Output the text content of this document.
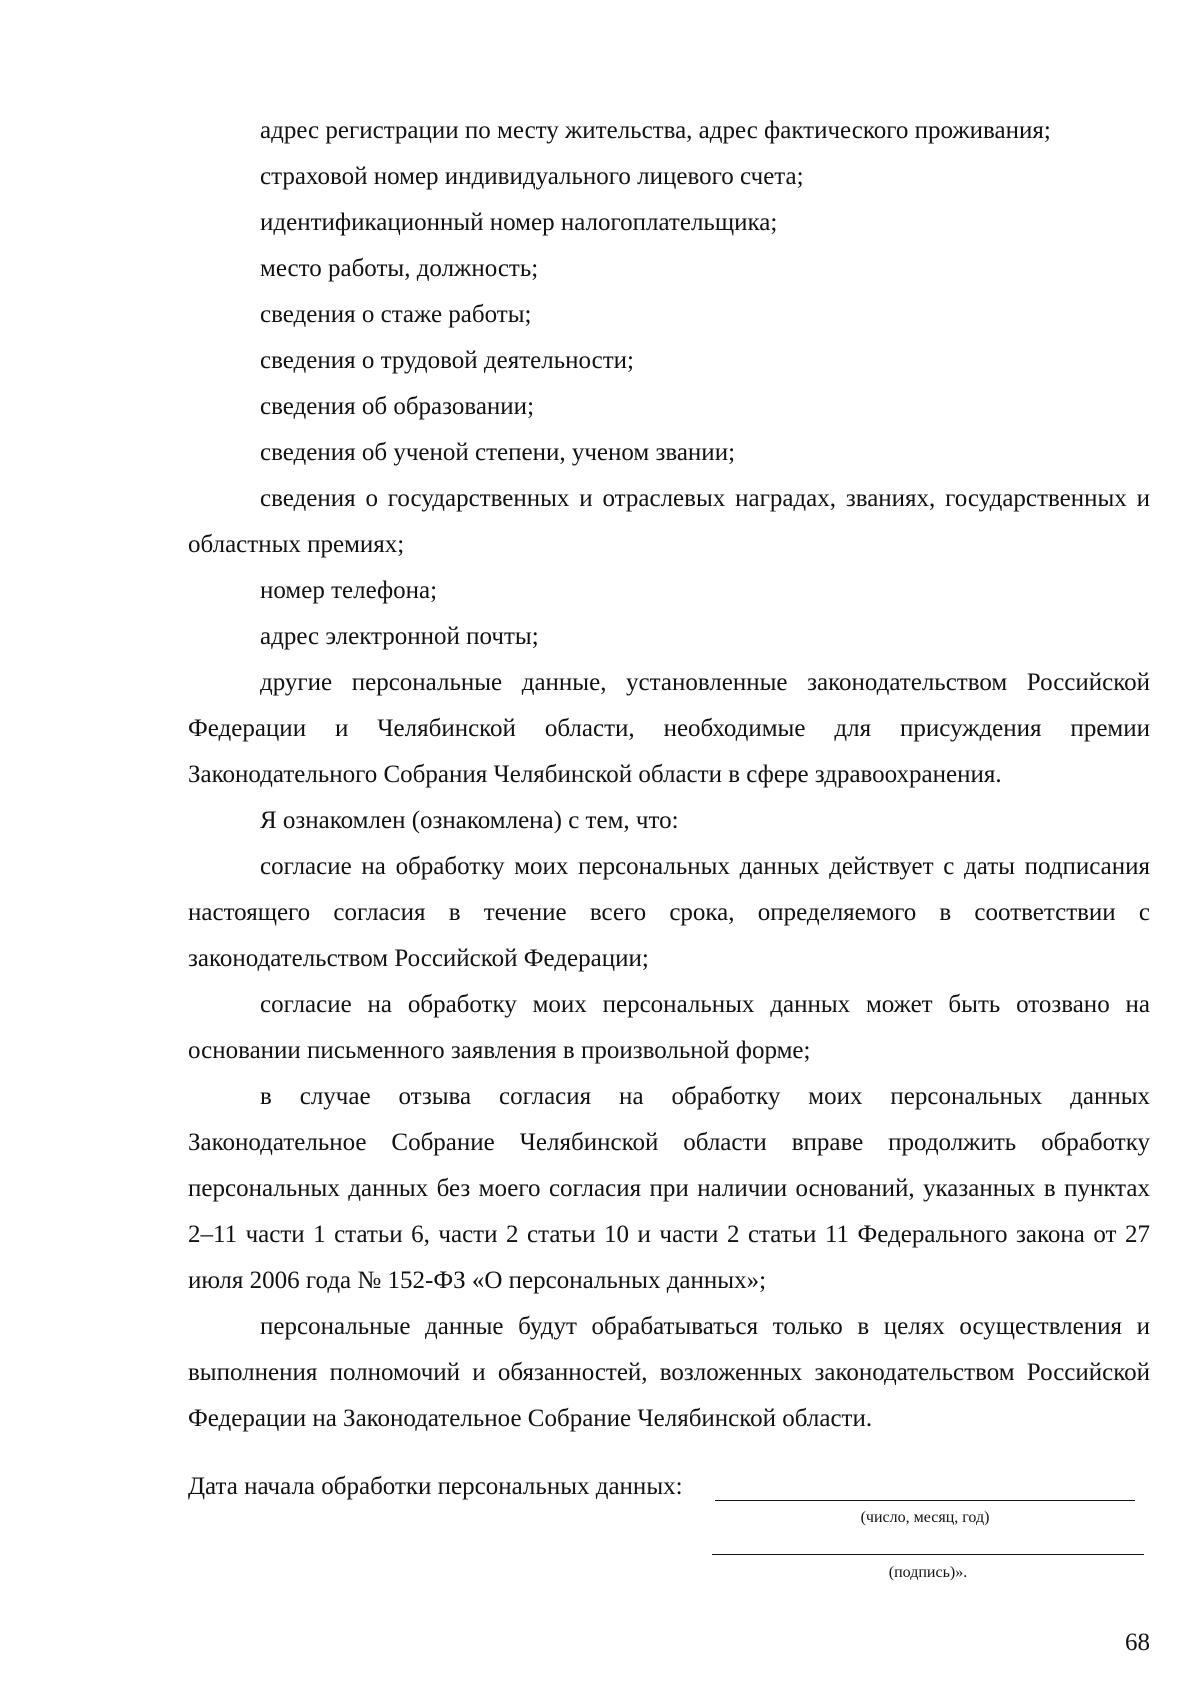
адрес регистрации по месту жительства, адрес фактического проживания;

страховой номер индивидуального лицевого счета;

идентификационный номер налогоплательщика;

место работы, должность;

сведения о стаже работы;

сведения о трудовой деятельности;

сведения об образовании;

сведения об ученой степени, ученом звании;

сведения о государственных и отраслевых наградах, званиях, государственных и областных премиях;

номер телефона;

адрес электронной почты;

другие персональные данные, установленные законодательством Российской Федерации и Челябинской области, необходимые для присуждения премии Законодательного Собрания Челябинской области в сфере здравоохранения.

Я ознакомлен (ознакомлена) с тем, что:

согласие на обработку моих персональных данных действует с даты подписания настоящего согласия в течение всего срока, определяемого в соответствии с законодательством Российской Федерации;

согласие на обработку моих персональных данных может быть отозвано на основании письменного заявления в произвольной форме;

в случае отзыва согласия на обработку моих персональных данных Законодательное Собрание Челябинской области вправе продолжить обработку персональных данных без моего согласия при наличии оснований, указанных в пунктах 2–11 части 1 статьи 6, части 2 статьи 10 и части 2 статьи 11 Федерального закона от 27 июля 2006 года № 152-ФЗ «О персональных данных»;

персональные данные будут обрабатываться только в целях осуществления и выполнения полномочий и обязанностей, возложенных законодательством Российской Федерации на Законодательное Собрание Челябинской области.

Дата начала обработки персональных данных:
(число, месяц, год)
(подпись)».
68
